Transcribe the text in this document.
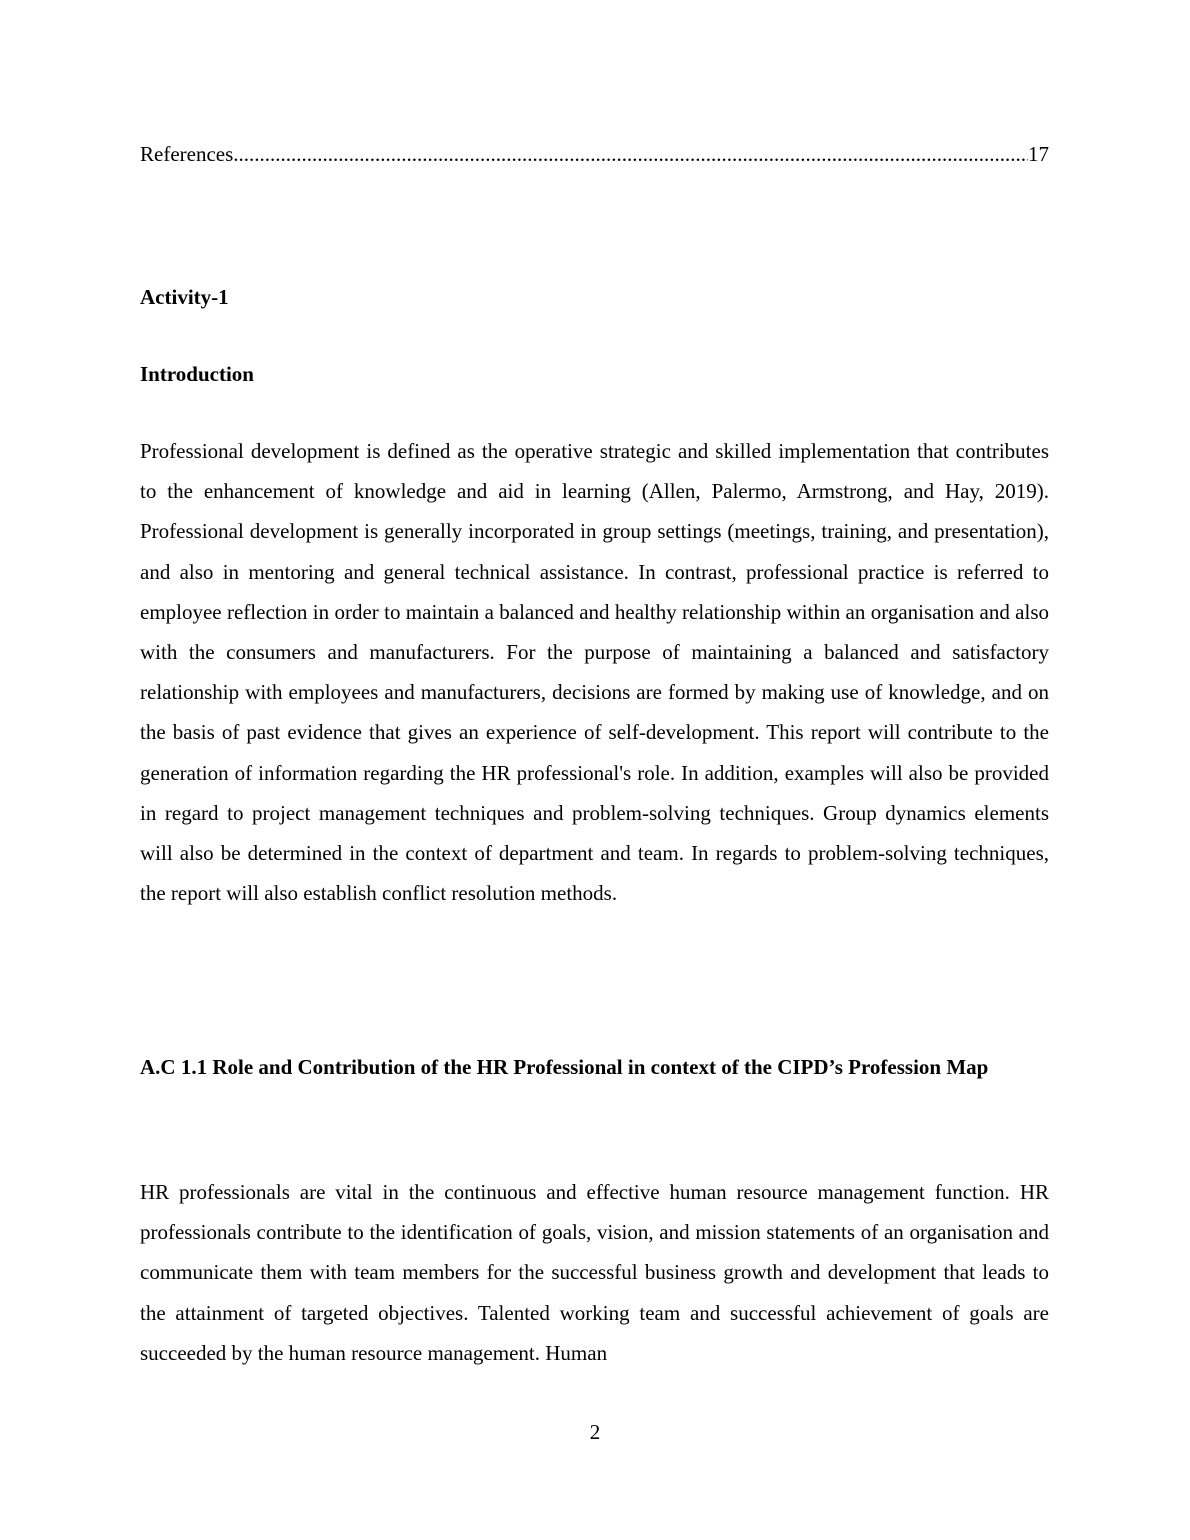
References
.....	17
Activity-1
Introduction

Professional development is defined as the operative strategic and skilled implementation that contributes to the enhancement of knowledge and aid in learning (Allen, Palermo, Armstrong, and Hay, 2019). Professional development is generally incorporated in group settings (meetings, training, and presentation), and also in mentoring and general technical assistance. In contrast, professional practice is referred to employee reflection in order to maintain a balanced and healthy relationship within an organisation and also with the consumers and manufacturers. For the purpose of maintaining a balanced and satisfactory relationship with employees and manufacturers, decisions are formed by making use of knowledge, and on the basis of past evidence that gives an experience of self-development. This report will contribute to the generation of information regarding the HR professional's role. In addition, examples will also be provided in regard to project management techniques and problem-solving techniques. Group dynamics elements will also be determined in the context of department and team. In regards to problem-solving techniques, the report will also establish conflict resolution methods.

A.C 1.1 Role and Contribution of the HR Professional in context of the CIPD’s Profession Map

HR professionals are vital in the continuous and effective human resource management function. HR professionals contribute to the identification of goals, vision, and mission statements of an organisation and communicate them with team members for the successful business growth and development that leads to the attainment of targeted objectives. Talented working team and successful achievement of goals are succeeded by the human resource management. Human

2
